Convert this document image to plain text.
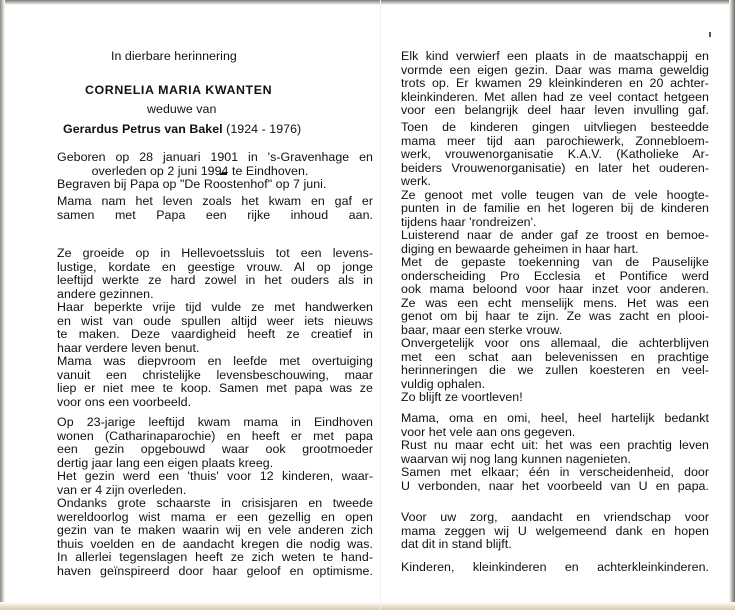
In dierbare herinnering
CORNELIA MARIA KWANTEN
weduwe van
Gerardus Petrus van Bakel (1924 - 1976)
Geboren op 28 januari 1901 in 's-Gravenhage en
overleden op 2 juni 1994 te Eindhoven.
Begraven bij Papa op "De Roostenhof" op 7 juni.
Mama nam het leven zoals het kwam en gaf er
samen met Papa een rijke inhoud aan.
Ze groeide op in Hellevoetssluis tot een levens-
lustige, kordate en geestige vrouw. Al op jonge
leeftijd werkte ze hard zowel in het ouders als in
andere gezinnen.
Haar beperkte vrije tijd vulde ze met handwerken
en wist van oude spullen altijd weer iets nieuws
te maken. Deze vaardigheid heeft ze creatief in
haar verdere leven benut.
Mama was diepvroom en leefde met overtuiging
vanuit een christelijke levensbeschouwing, maar
liep er niet mee te koop. Samen met papa was ze
voor ons een voorbeeld.
Op 23-jarige leeftijd kwam mama in Eindhoven
wonen (Catharinaparochie) en heeft er met papa
een gezin opgebouwd waar ook grootmoeder
dertig jaar lang een eigen plaats kreeg.
Het gezin werd een 'thuis' voor 12 kinderen, waar-
van er 4 zijn overleden.
Ondanks grote schaarste in crisisjaren en tweede
wereldoorlog wist mama er een gezellig en open
gezin van te maken waarin wij en vele anderen zich
thuis voelden en de aandacht kregen die nodig was.
In allerlei tegenslagen heeft ze zich weten te hand-
haven geïnspireerd door haar geloof en optimisme.
Elk kind verwierf een plaats in de maatschappij en
vormde een eigen gezin. Daar was mama geweldig
trots op. Er kwamen 29 kleinkinderen en 20 achter-
kleinkinderen. Met allen had ze veel contact hetgeen
voor een belangrijk deel haar leven invulling gaf.
Toen de kinderen gingen uitvliegen besteedde
mama meer tijd aan parochiewerk, Zonnebloem-
werk, vrouwenorganisatie K.A.V. (Katholieke Ar-
beiders Vrouwenorganisatie) en later het ouderen-
werk.
Ze genoot met volle teugen van de vele hoogte-
punten in de familie en het logeren bij de kinderen
tijdens haar 'rondreizen'.
Luisterend naar de ander gaf ze troost en bemoe-
diging en bewaarde geheimen in haar hart.
Met de gepaste toekenning van de Pauselijke
onderscheiding Pro Ecclesia et Pontifice werd
ook mama beloond voor haar inzet voor anderen.
Ze was een echt menselijk mens. Het was een
genot om bij haar te zijn. Ze was zacht en plooi-
baar, maar een sterke vrouw.
Onvergetelijk voor ons allemaal, die achterblijven
met een schat aan belevenissen en prachtige
herinneringen die we zullen koesteren en veel-
vuldig ophalen.
Zo blijft ze voortleven!
Mama, oma en omi, heel, heel hartelijk bedankt
voor het vele aan ons gegeven.
Rust nu maar echt uit: het was een prachtig leven
waarvan wij nog lang kunnen nagenieten.
Samen met elkaar; één in verscheidenheid, door
U verbonden, naar het voorbeeld van U en papa.
Voor uw zorg, aandacht en vriendschap voor
mama zeggen wij U welgemeend dank en hopen
dat dit in stand blijft.
Kinderen, kleinkinderen en achterkleinkinderen.
